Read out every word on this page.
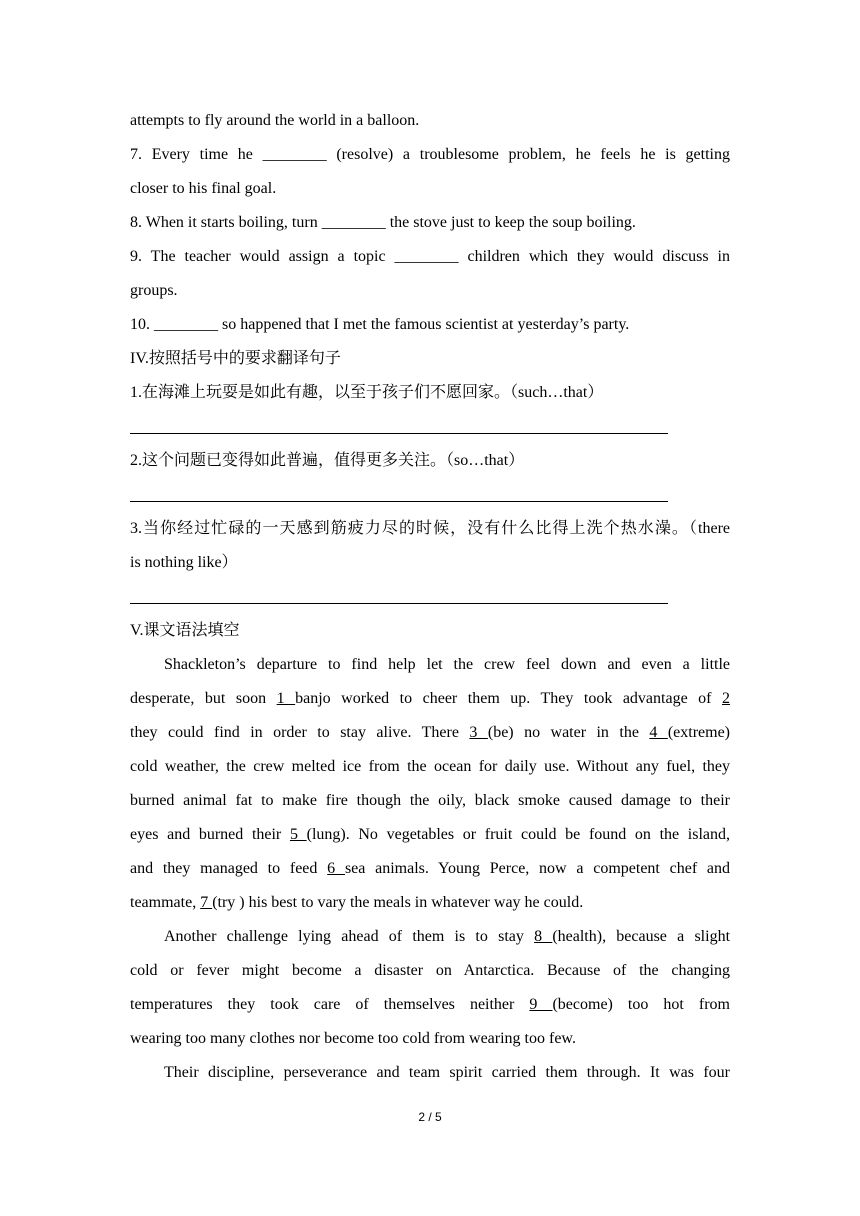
attempts to fly around the world in a balloon.
7. Every time he ________ (resolve) a troublesome problem, he feels he is getting
closer to his final goal.
8. When it starts boiling, turn ________ the stove just to keep the soup boiling.
9. The teacher would assign a topic ________ children which they would discuss in
groups.
10. ________ so happened that I met the famous scientist at yesterday’s party.
IV.按照括号中的要求翻译句子
1.在海滩上玩耍是如此有趣，以至于孩子们不愿回家。（such…that）
2.这个问题已变得如此普遍，值得更多关注。（so…that）
3.当你经过忙碌的一天感到筋疲力尽的时候，没有什么比得上洗个热水澡。（there
is nothing like）
V.课文语法填空
Shackleton’s departure to find help let the crew feel down and even a little
desperate, but soon 1 banjo worked to cheer them up. They took advantage of 2
they could find in order to stay alive. There 3 (be) no water in the 4 (extreme)
cold weather, the crew melted ice from the ocean for daily use. Without any fuel, they
burned animal fat to make fire though the oily, black smoke caused damage to their
eyes and burned their 5 (lung). No vegetables or fruit could be found on the island,
and they managed to feed 6 sea animals. Young Perce, now a competent chef and
teammate, 7 (try ) his best to vary the meals in whatever way he could.
Another challenge lying ahead of them is to stay 8 (health), because a slight
cold or fever might become a disaster on Antarctica. Because of the changing
temperatures they took care of themselves neither 9 (become) too hot from
wearing too many clothes nor become too cold from wearing too few.
Their discipline, perseverance and team spirit carried them through. It was four
2 / 5
